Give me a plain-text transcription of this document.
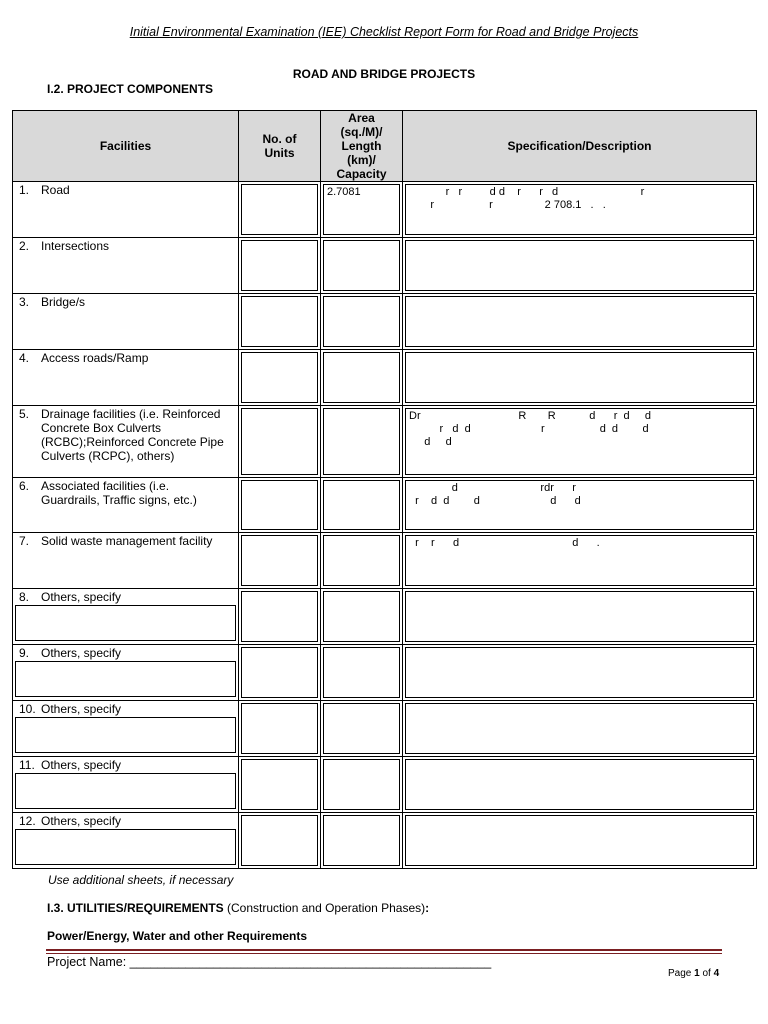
Initial Environmental Examination (IEE) Checklist Report Form for Road and Bridge Projects
ROAD AND BRIDGE PROJECTS
I.2. PROJECT COMPONENTS
Facilities	No. of Units	Area (sq./M)/ Length (km)/ Capacity	Specification/Description

1. Road		2.7081	r   r         d d    r      r   d                           r
r                  r                 2 708.1   .   .

2. Intersections			

3. Bridge/s			

4. Access roads/Ramp			

5. Drainage facilities (i.e. Reinforced Concrete Box Culverts (RCBC);Reinforced Concrete Pipe Culverts (RCPC), others)			Dr                                R       R           d      r  d     d
r   d  d                       r                  d  d        d
d     d

6. Associated facilities (i.e. Guardrails, Traffic signs, etc.)			d                           rdr      r
r    d  d        d                       d      d

7. Solid waste management facility			r    r      d                                     d      .

8. Others, specify			

9. Others, specify			

10. Others, specify			

11. Others, specify			

12. Others, specify			

Use additional sheets, if necessary
I.3. UTILITIES/REQUIREMENTS (Construction and Operation Phases):
Power/Energy, Water and other Requirements
Project Name: ____________________________________________________
Page 1 of 4
